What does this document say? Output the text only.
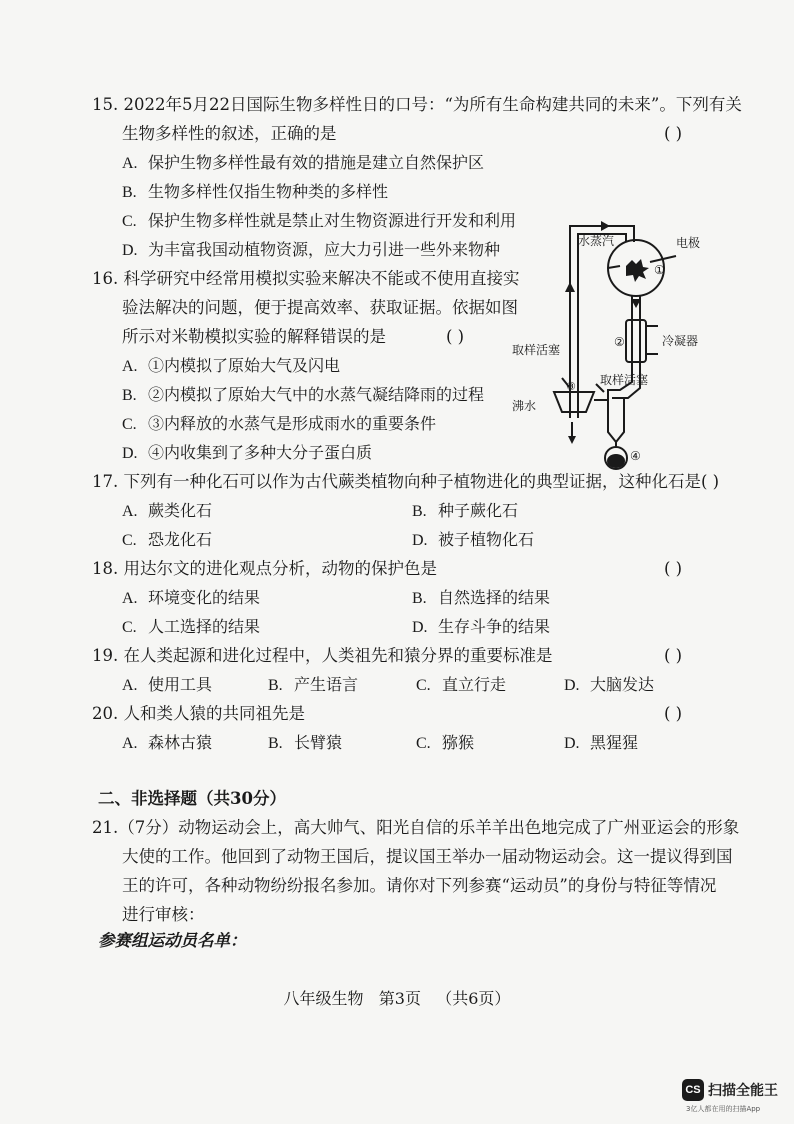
15. 2022年5月22日国际生物多样性日的口号：“为所有生命构建共同的未来”。下列有关
生物多样性的叙述，正确的是	( )
A. 保护生物多样性最有效的措施是建立自然保护区
B. 生物多样性仅指生物种类的多样性
C. 保护生物多样性就是禁止对生物资源进行开发和利用
D. 为丰富我国动植物资源，应大力引进一些外来物种
16. 科学研究中经常用模拟实验来解决不能或不使用直接实
验法解决的问题，便于提高效率、获取证据。依据如图
所示对米勒模拟实验的解释错误的是	( )
A. ①内模拟了原始大气及闪电
B. ②内模拟了原始大气中的水蒸气凝结降雨的过程
C. ③内释放的水蒸气是形成雨水的重要条件
D. ④内收集到了多种大分子蛋白质
水蒸汽	电极
冷凝器
取样活塞
取样活塞
沸水
①
②
③
④
17. 下列有一种化石可以作为古代蕨类植物向种子植物进化的典型证据，这种化石是( )
A. 蕨类化石	B. 种子蕨化石
C. 恐龙化石	D. 被子植物化石
18. 用达尔文的进化观点分析，动物的保护色是	( )
A. 环境变化的结果	B. 自然选择的结果
C. 人工选择的结果	D. 生存斗争的结果
19. 在人类起源和进化过程中，人类祖先和猿分界的重要标准是	( )
A. 使用工具	B. 产生语言	C. 直立行走	D. 大脑发达
20. 人和类人猿的共同祖先是	( )
A. 森林古猿	B. 长臂猿	C. 猕猴	D. 黑猩猩
二、非选择题（共30分）
21.（7分）动物运动会上，高大帅气、阳光自信的乐羊羊出色地完成了广州亚运会的形象
大使的工作。他回到了动物王国后，提议国王举办一届动物运动会。这一提议得到国
王的许可，各种动物纷纷报名参加。请你对下列参赛“运动员”的身份与特征等情况
进行审核：
参赛组运动员名单：
八年级生物   第3页   （共6页）
CS 扫描全能王
3亿人都在用的扫描App
